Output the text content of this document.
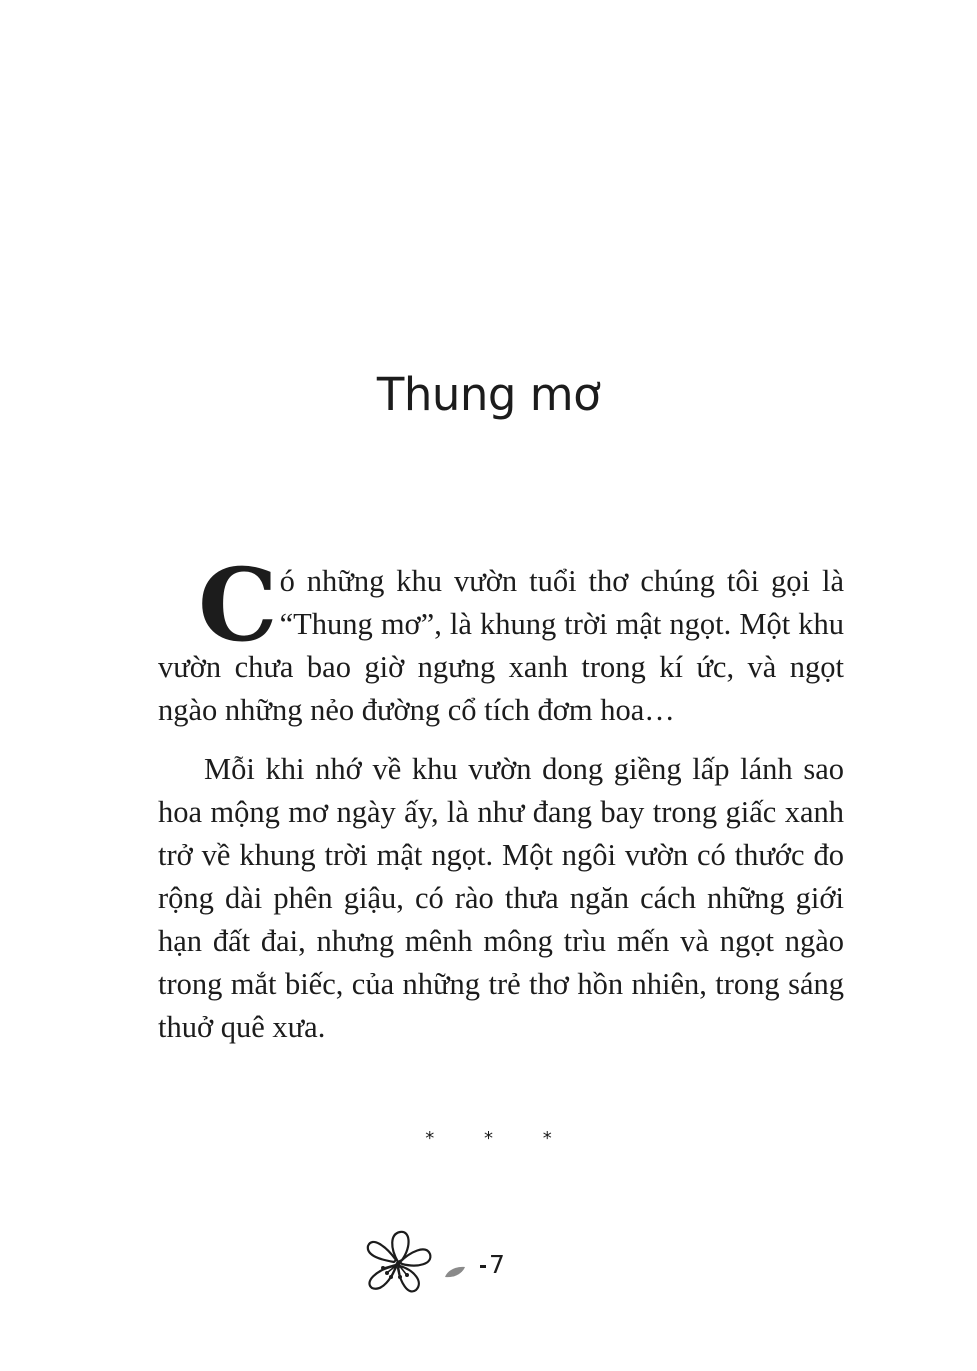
Thung mơ

Có những khu vườn tuổi thơ chúng tôi gọi là “Thung mơ”, là khung trời mật ngọt. Một khu vườn chưa bao giờ ngưng xanh trong kí ức, và ngọt ngào những nẻo đường cổ tích đơm hoa…

Mỗi khi nhớ về khu vườn dong giềng lấp lánh sao hoa mộng mơ ngày ấy, là như đang bay trong giấc xanh trở về khung trời mật ngọt. Một ngôi vườn có thước đo rộng dài phên giậu, có rào thưa ngăn cách những giới hạn đất đai, nhưng mênh mông trìu mến và ngọt ngào trong mắt biếc, của những trẻ thơ hồn nhiên, trong sáng thuở quê xưa.

* * *
7
